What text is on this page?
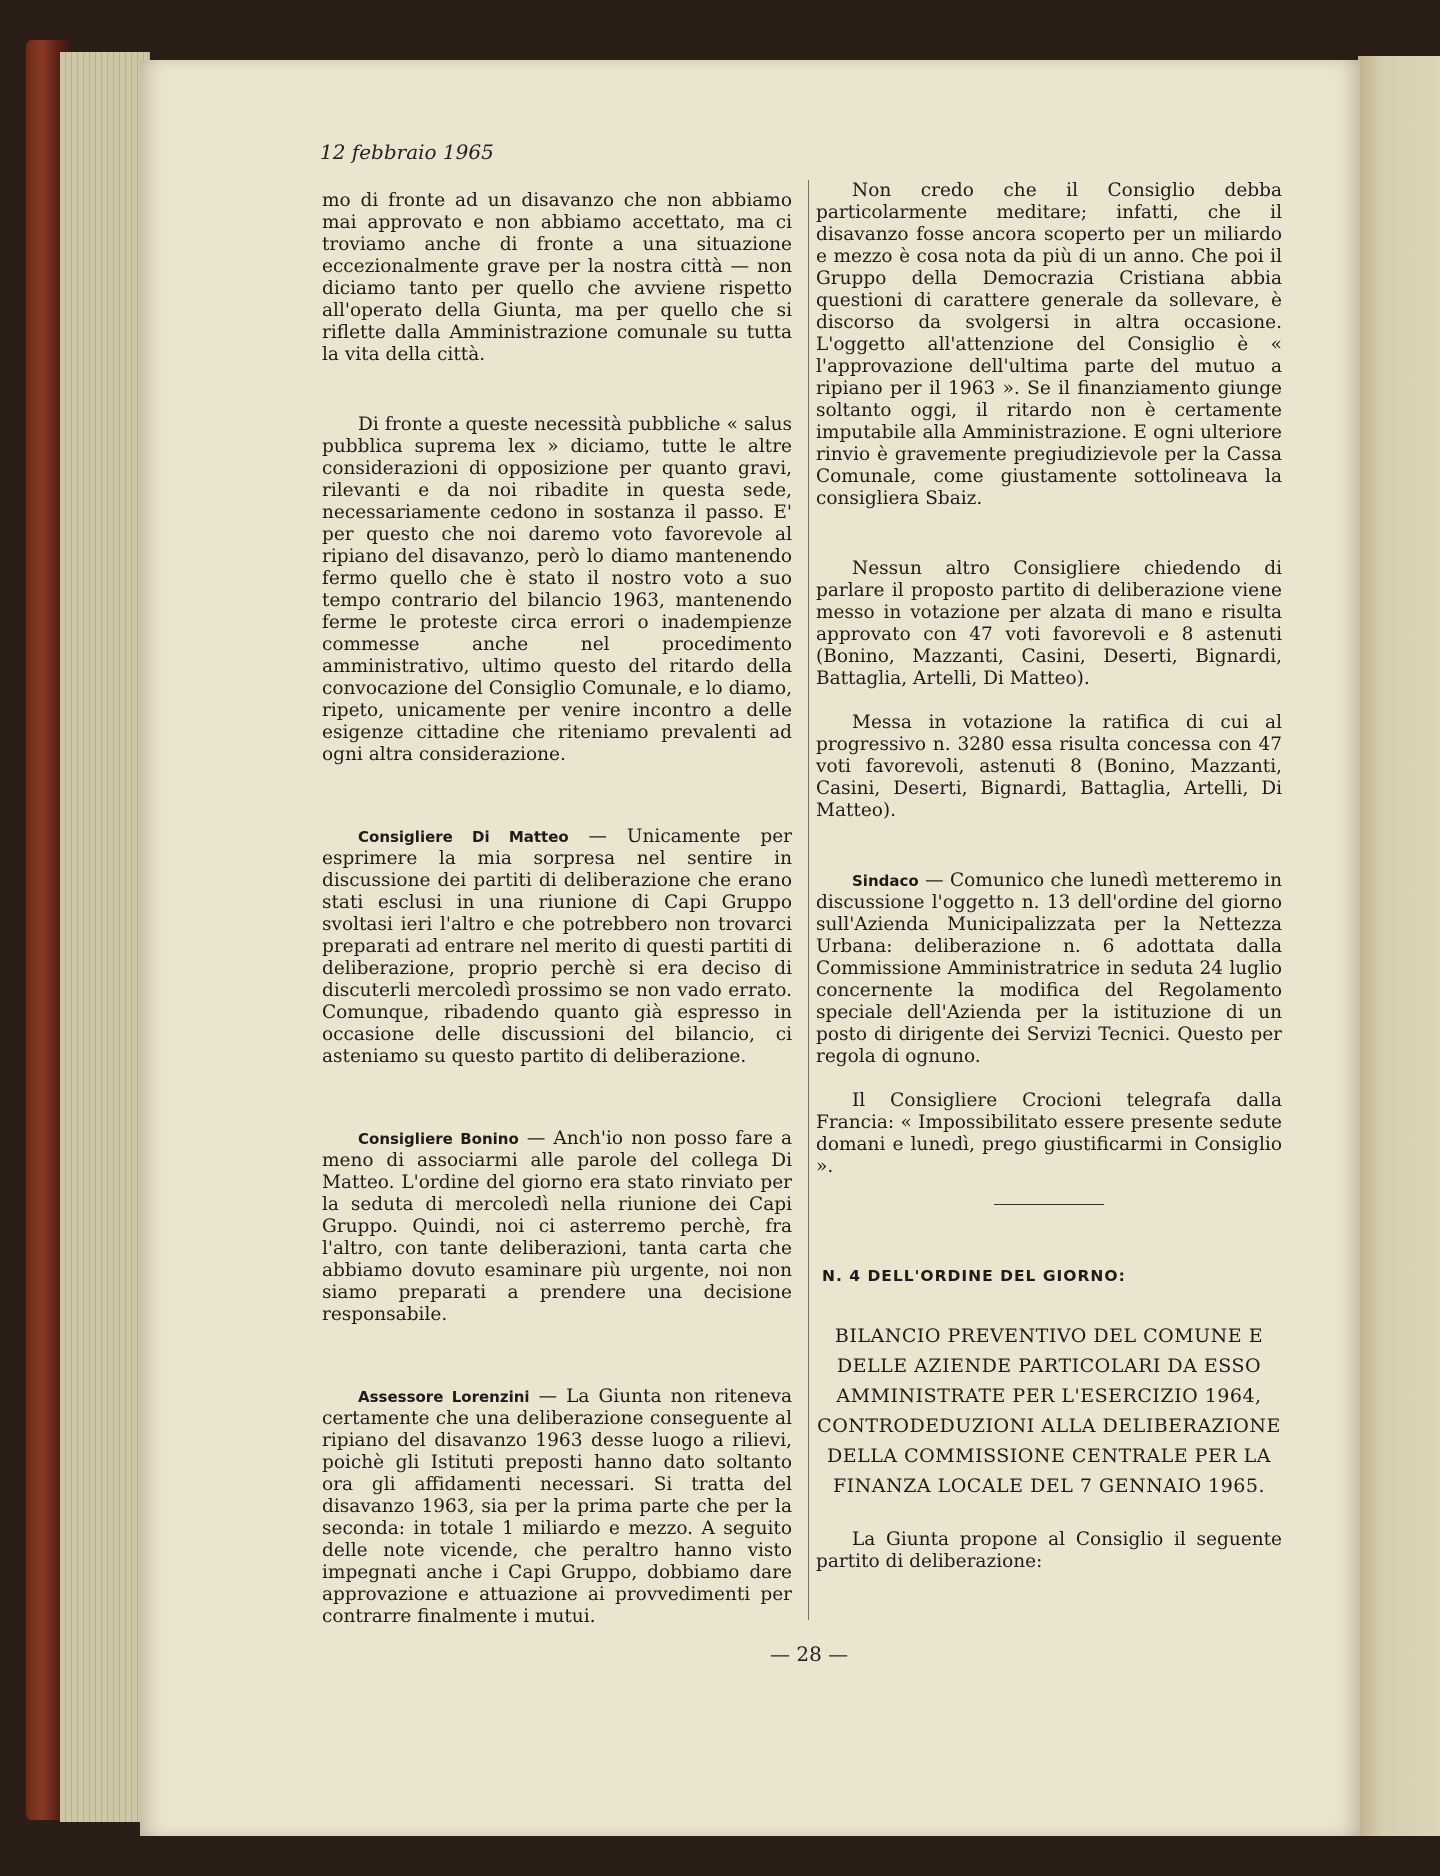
12 febbraio 1965

mo di fronte ad un disavanzo che non abbiamo mai approvato e non abbiamo accettato, ma ci troviamo anche di fronte a una situazione eccezionalmente grave per la nostra città — non diciamo tanto per quello che avviene rispetto all'operato della Giunta, ma per quello che si riflette dalla Amministrazione comunale su tutta la vita della città.

Di fronte a queste necessità pubbliche « salus pubblica suprema lex » diciamo, tutte le altre considerazioni di opposizione per quanto gravi, rilevanti e da noi ribadite in questa sede, necessariamente cedono in sostanza il passo. E' per questo che noi daremo voto favorevole al ripiano del disavanzo, però lo diamo mantenendo fermo quello che è stato il nostro voto a suo tempo contrario del bilancio 1963, mantenendo ferme le proteste circa errori o inadempienze commesse anche nel procedimento amministrativo, ultimo questo del ritardo della convocazione del Consiglio Comunale, e lo diamo, ripeto, unicamente per venire incontro a delle esigenze cittadine che riteniamo prevalenti ad ogni altra considerazione.

Consigliere Di Matteo — Unicamente per esprimere la mia sorpresa nel sentire in discussione dei partiti di deliberazione che erano stati esclusi in una riunione di Capi Gruppo svoltasi ieri l'altro e che potrebbero non trovarci preparati ad entrare nel merito di questi partiti di deliberazione, proprio perchè si era deciso di discuterli mercoledì prossimo se non vado errato. Comunque, ribadendo quanto già espresso in occasione delle discussioni del bilancio, ci asteniamo su questo partito di deliberazione.

Consigliere Bonino — Anch'io non posso fare a meno di associarmi alle parole del collega Di Matteo. L'ordine del giorno era stato rinviato per la seduta di mercoledì nella riunione dei Capi Gruppo. Quindi, noi ci asterremo perchè, fra l'altro, con tante deliberazioni, tanta carta che abbiamo dovuto esaminare più urgente, noi non siamo preparati a prendere una decisione responsabile.

Assessore Lorenzini — La Giunta non riteneva certamente che una deliberazione conseguente al ripiano del disavanzo 1963 desse luogo a rilievi, poichè gli Istituti preposti hanno dato soltanto ora gli affidamenti necessari. Si tratta del disavanzo 1963, sia per la prima parte che per la seconda: in totale 1 miliardo e mezzo. A seguito delle note vicende, che peraltro hanno visto impegnati anche i Capi Gruppo, dobbiamo dare approvazione e attuazione ai provvedimenti per contrarre finalmente i mutui.

Non credo che il Consiglio debba particolarmente meditare; infatti, che il disavanzo fosse ancora scoperto per un miliardo e mezzo è cosa nota da più di un anno. Che poi il Gruppo della Democrazia Cristiana abbia questioni di carattere generale da sollevare, è discorso da svolgersi in altra occasione. L'oggetto all'attenzione del Consiglio è « l'approvazione dell'ultima parte del mutuo a ripiano per il 1963 ». Se il finanziamento giunge soltanto oggi, il ritardo non è certamente imputabile alla Amministrazione. E ogni ulteriore rinvio è gravemente pregiudizievole per la Cassa Comunale, come giustamente sottolineava la consigliera Sbaiz.

Nessun altro Consigliere chiedendo di parlare il proposto partito di deliberazione viene messo in votazione per alzata di mano e risulta approvato con 47 voti favorevoli e 8 astenuti (Bonino, Mazzanti, Casini, Deserti, Bignardi, Battaglia, Artelli, Di Matteo).

Messa in votazione la ratifica di cui al progressivo n. 3280 essa risulta concessa con 47 voti favorevoli, astenuti 8 (Bonino, Mazzanti, Casini, Deserti, Bignardi, Battaglia, Artelli, Di Matteo).

Sindaco — Comunico che lunedì metteremo in discussione l'oggetto n. 13 dell'ordine del giorno sull'Azienda Municipalizzata per la Nettezza Urbana: deliberazione n. 6 adottata dalla Commissione Amministratrice in seduta 24 luglio concernente la modifica del Regolamento speciale dell'Azienda per la istituzione di un posto di dirigente dei Servizi Tecnici. Questo per regola di ognuno.

Il Consigliere Crocioni telegrafa dalla Francia: « Impossibilitato essere presente sedute domani e lunedì, prego giustificarmi in Consiglio ».

N. 4 DELL'ORDINE DEL GIORNO:
BILANCIO PREVENTIVO DEL COMUNE E DELLE AZIENDE PARTICOLARI DA ESSO AMMINISTRATE PER L'ESERCIZIO 1964, CONTRODEDUZIONI ALLA DELIBERAZIONE DELLA COMMISSIONE CENTRALE PER LA FINANZA LOCALE DEL 7 GENNAIO 1965.

La Giunta propone al Consiglio il seguente partito di deliberazione:

— 28 —
